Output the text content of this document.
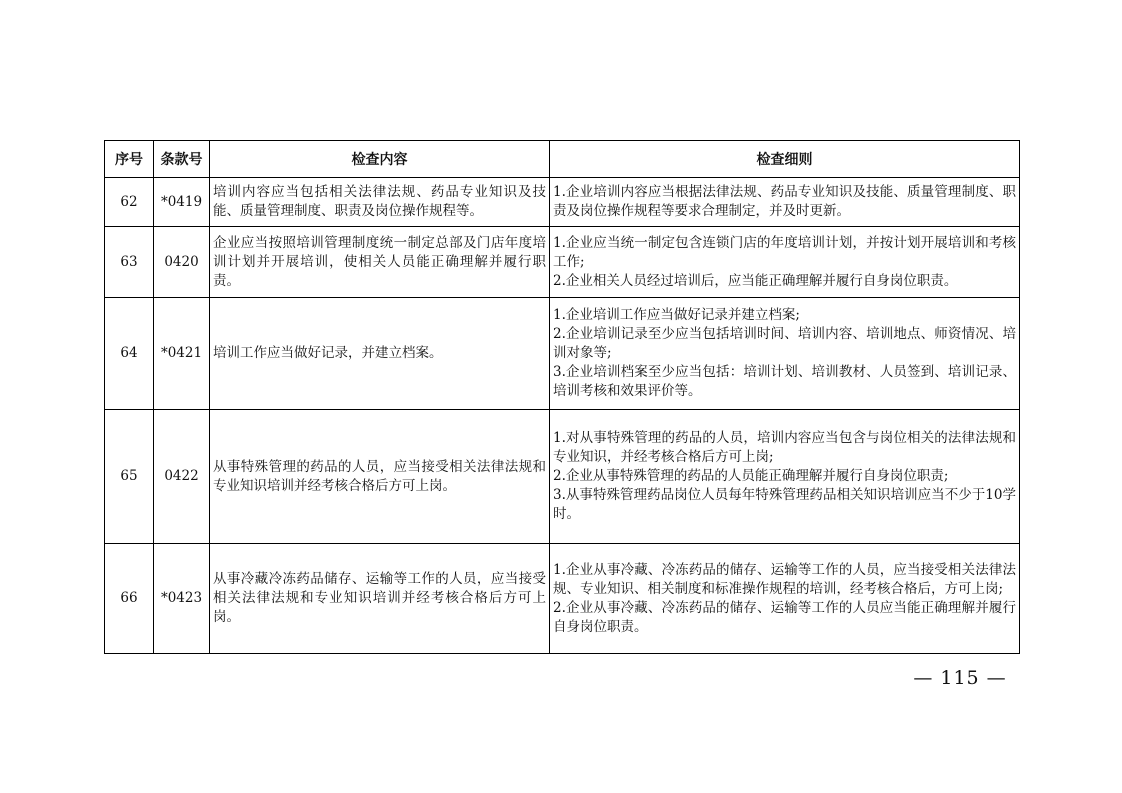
序号	条款号	检查内容	检查细则
62	*0419	培训内容应当包括相关法律法规、药品专业知识及技能、质量管理制度、职责及岗位操作规程等。	1.企业培训内容应当根据法律法规、药品专业知识及技能、质量管理制度、职责及岗位操作规程等要求合理制定，并及时更新。

63	0420	企业应当按照培训管理制度统一制定总部及门店年度培训计划并开展培训，使相关人员能正确理解并履行职责。	1.企业应当统一制定包含连锁门店的年度培训计划，并按计划开展培训和考核工作;
2.企业相关人员经过培训后，应当能正确理解并履行自身岗位职责。

64	*0421	培训工作应当做好记录，并建立档案。	1.企业培训工作应当做好记录并建立档案;
2.企业培训记录至少应当包括培训时间、培训内容、培训地点、师资情况、培训对象等;
3.企业培训档案至少应当包括：培训计划、培训教材、人员签到、培训记录、培训考核和效果评价等。

65	0422	从事特殊管理的药品的人员，应当接受相关法律法规和专业知识培训并经考核合格后方可上岗。	1.对从事特殊管理的药品的人员，培训内容应当包含与岗位相关的法律法规和专业知识，并经考核合格后方可上岗;
2.企业从事特殊管理的药品的人员能正确理解并履行自身岗位职责;
3.从事特殊管理药品岗位人员每年特殊管理药品相关知识培训应当不少于10学时。

66	*0423	从事冷藏冷冻药品储存、运输等工作的人员，应当接受相关法律法规和专业知识培训并经考核合格后方可上岗。	1.企业从事冷藏、冷冻药品的储存、运输等工作的人员，应当接受相关法律法规、专业知识、相关制度和标准操作规程的培训，经考核合格后，方可上岗;
2.企业从事冷藏、冷冻药品的储存、运输等工作的人员应当能正确理解并履行自身岗位职责。
— 115 —
